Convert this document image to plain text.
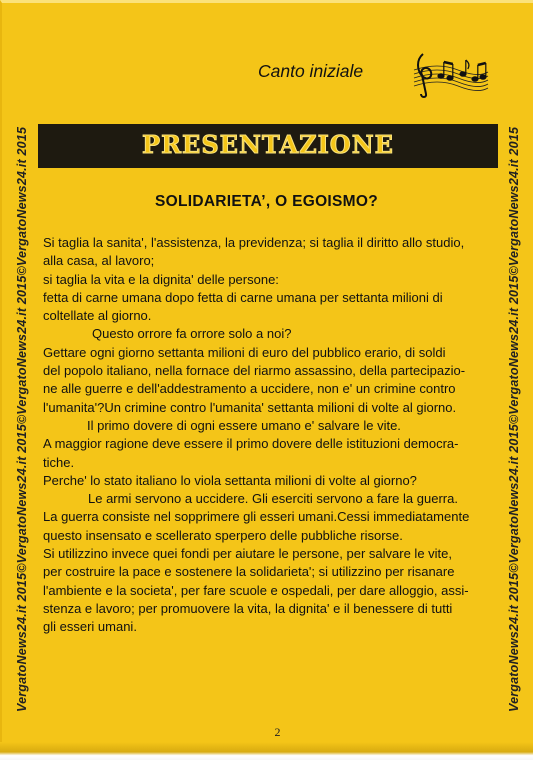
VergatoNews24.it 2015©VergatoNews24.it 2015©VergatoNews24.it 2015©VergatoNews24.it 2015	VergatoNews24.it 2015©VergatoNews24.it 2015©VergatoNews24.it 2015©VergatoNews24.it 2015
Canto iniziale
PRESENTAZIONE
SOLIDARIETA’, O EGOISMO?
Si taglia la sanita', l'assistenza, la previdenza; si taglia il diritto allo studio,
alla casa, al lavoro;
si taglia la vita e la dignita' delle persone:
fetta di carne umana dopo fetta di carne umana per settanta milioni di
coltellate al giorno.
Questo orrore fa orrore solo a noi?
Gettare ogni giorno settanta milioni di euro del pubblico erario, di soldi
del popolo italiano, nella fornace del riarmo assassino, della partecipazio-
ne alle guerre e dell'addestramento a uccidere, non e' un crimine contro
l'umanita'?Un crimine contro l'umanita' settanta milioni di volte al giorno.
Il primo dovere di ogni essere umano e' salvare le vite.
A maggior ragione deve essere il primo dovere delle istituzioni democra-
tiche.
Perche' lo stato italiano lo viola settanta milioni di volte al giorno?
Le armi servono a uccidere. Gli eserciti servono a fare la guerra.
La guerra consiste nel sopprimere gli esseri umani.Cessi immediatamente
questo insensato e scellerato sperpero delle pubbliche risorse.
Si utilizzino invece quei fondi per aiutare le persone, per salvare le vite,
per costruire la pace e sostenere la solidarieta'; si utilizzino per risanare
l'ambiente e la societa', per fare scuole e ospedali, per dare alloggio, assi-
stenza e lavoro; per promuovere la vita, la dignita' e il benessere di tutti
gli esseri umani.
2
